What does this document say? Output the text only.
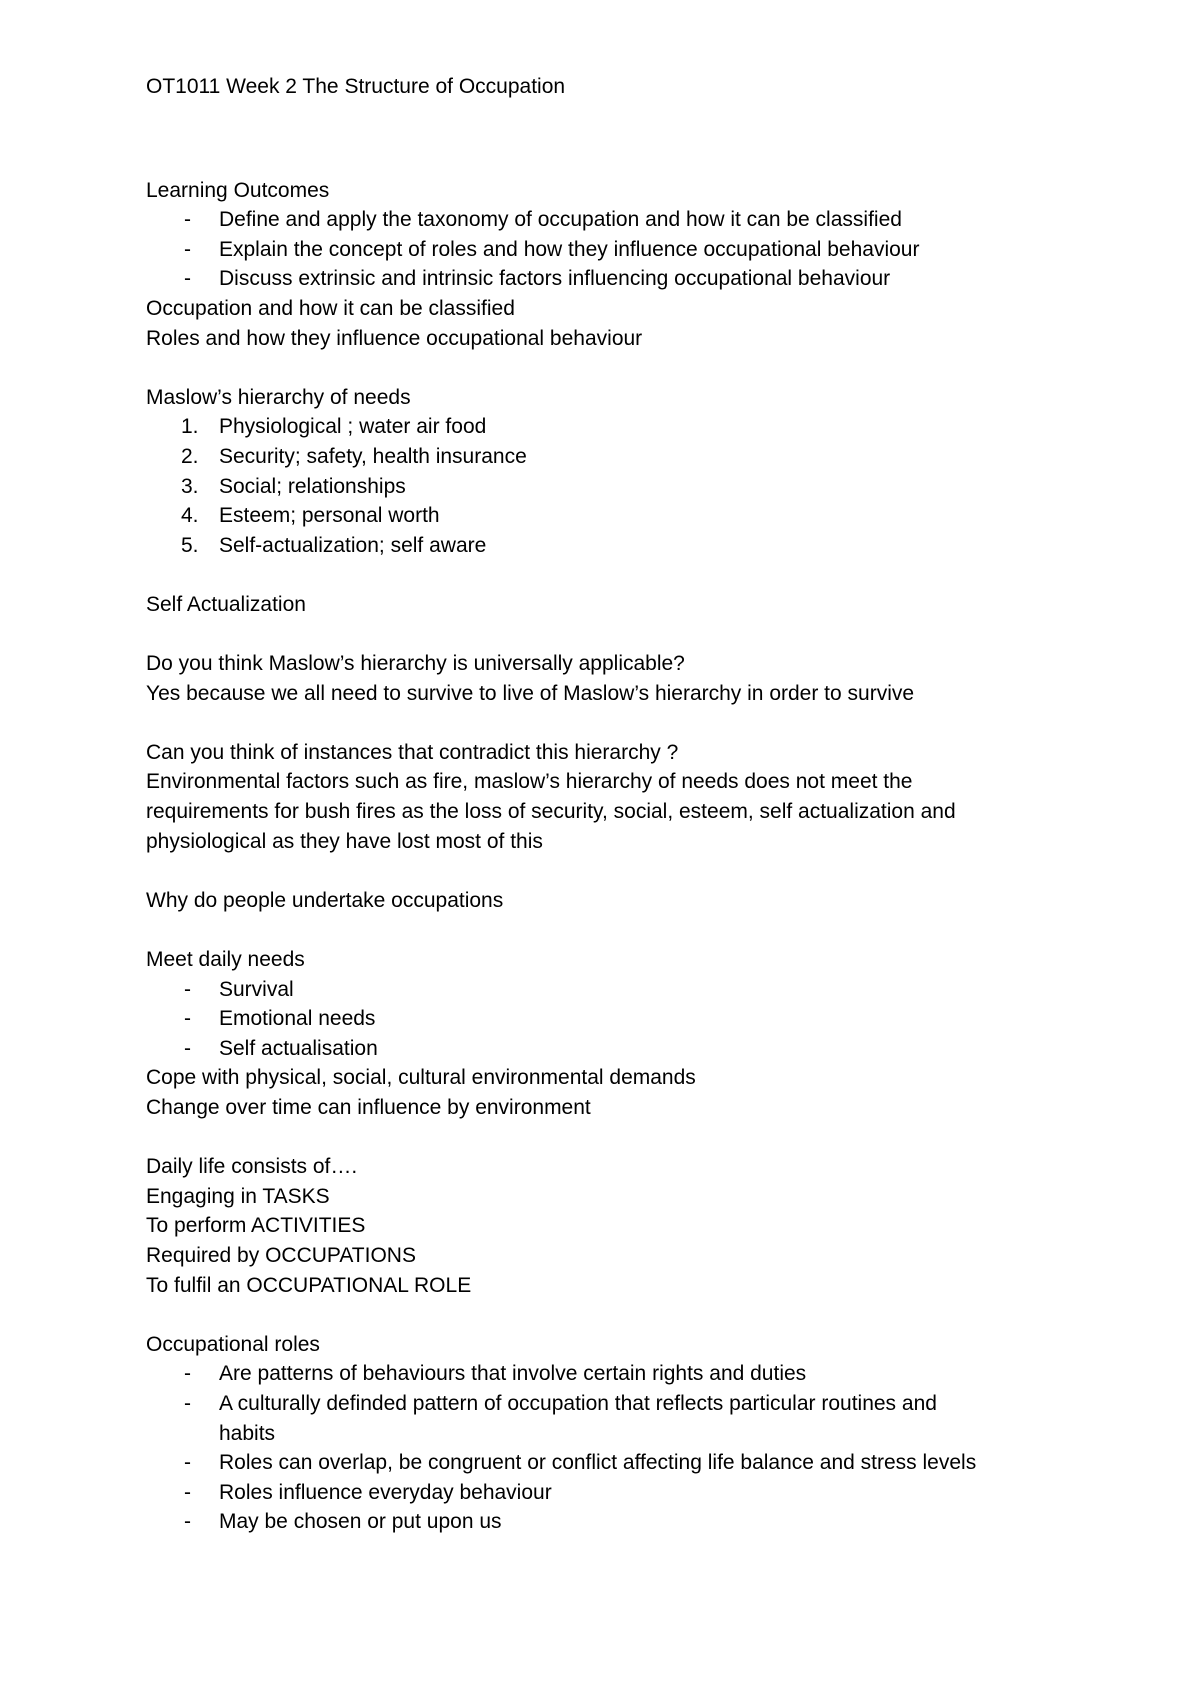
OT1011 Week 2 The Structure of Occupation

Learning Outcomes

- Define and apply the taxonomy of occupation and how it can be classified
- Explain the concept of roles and how they influence occupational behaviour
- Discuss extrinsic and intrinsic factors influencing occupational behaviour

Occupation and how it can be classified

Roles and how they influence occupational behaviour

Maslow’s hierarchy of needs

1. Physiological ; water air food
2. Security; safety, health insurance
3. Social; relationships
4. Esteem; personal worth
5. Self-actualization; self aware

Self Actualization

Do you think Maslow’s hierarchy is universally applicable?

Yes because we all need to survive to live of Maslow’s hierarchy in order to survive

Can you think of instances that contradict this hierarchy ?

Environmental factors such as fire, maslow’s hierarchy of needs does not meet the

requirements for bush fires as the loss of security, social, esteem, self actualization and

physiological as they have lost most of this

Why do people undertake occupations

Meet daily needs

- Survival
- Emotional needs
- Self actualisation

Cope with physical, social, cultural environmental demands

Change over time can influence by environment

Daily life consists of….

Engaging in TASKS

To perform ACTIVITIES

Required by OCCUPATIONS

To fulfil an OCCUPATIONAL ROLE

Occupational roles

- Are patterns of behaviours that involve certain rights and duties
- A culturally definded pattern of occupation that reflects particular routines and
habits
- Roles can overlap, be congruent or conflict affecting life balance and stress levels
- Roles influence everyday behaviour
- May be chosen or put upon us
